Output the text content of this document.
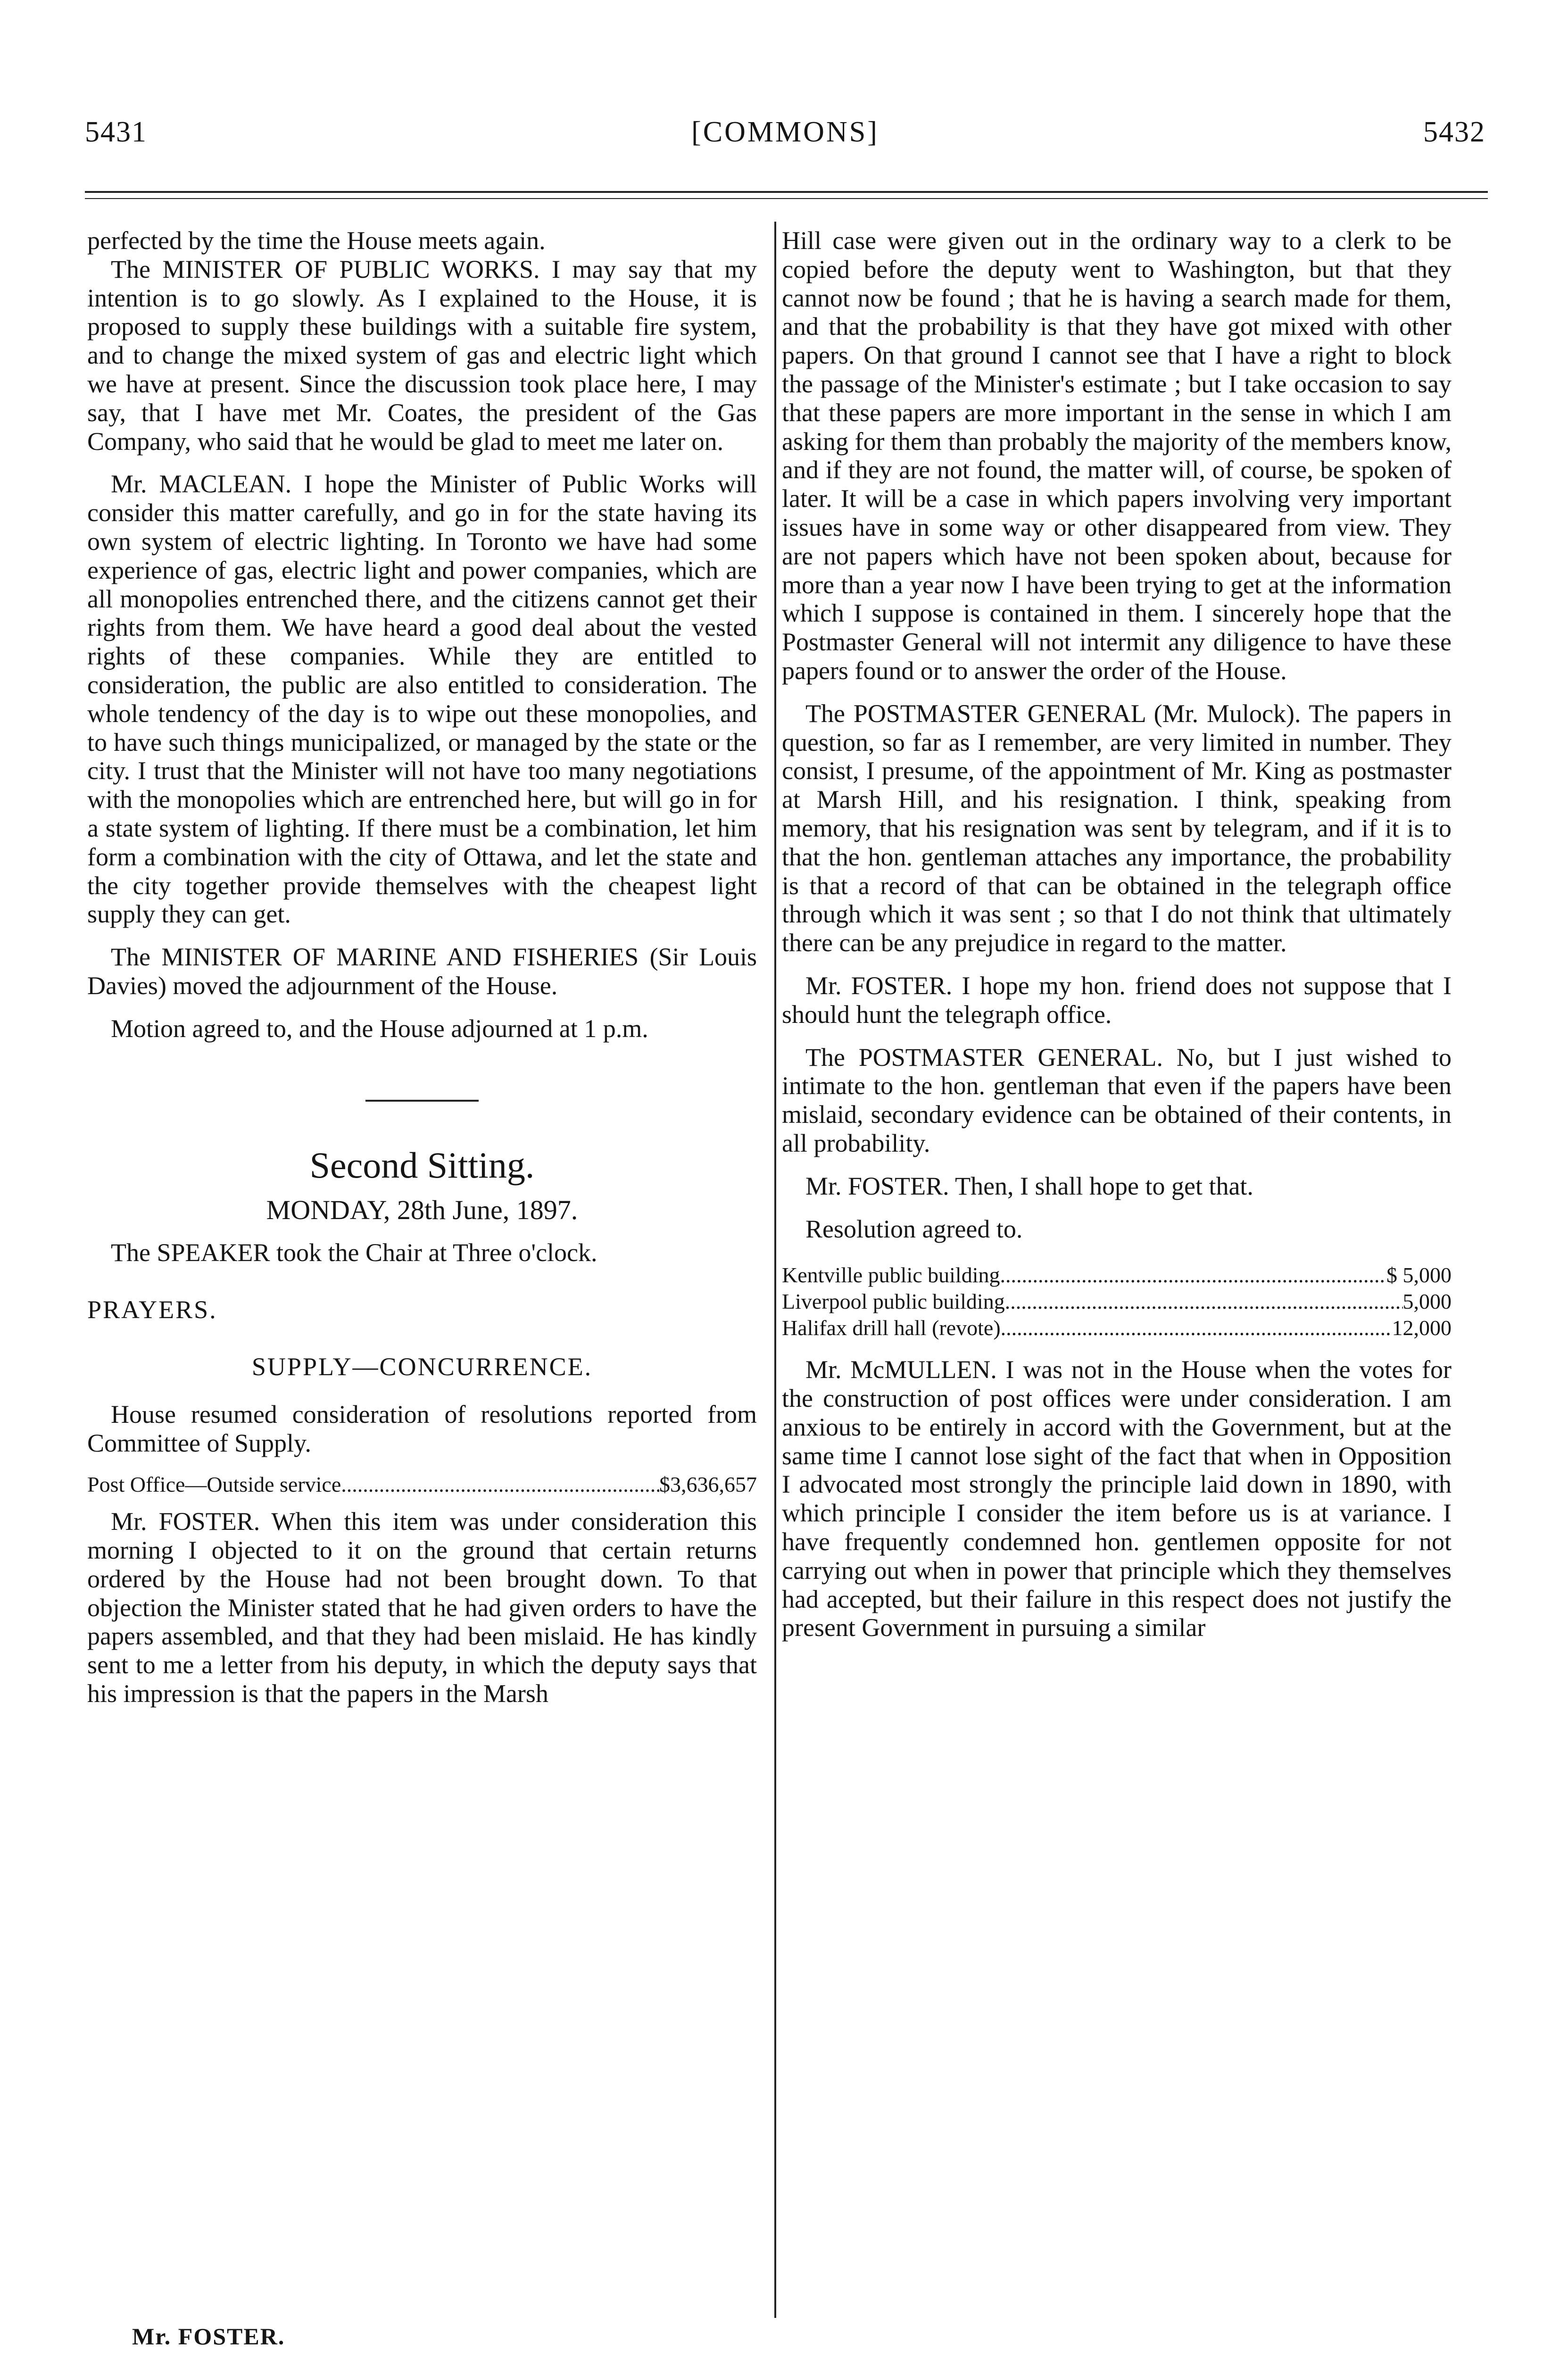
5431	[COMMONS]	5432

perfected by the time the House meets again.

The MINISTER OF PUBLIC WORKS. I may say that my intention is to go slowly. As I explained to the House, it is proposed to supply these buildings with a suitable fire system, and to change the mixed system of gas and electric light which we have at present. Since the discussion took place here, I may say, that I have met Mr. Coates, the president of the Gas Company, who said that he would be glad to meet me later on.

Mr. MACLEAN. I hope the Minister of Public Works will consider this matter carefully, and go in for the state having its own system of electric lighting. In Toronto we have had some experience of gas, electric light and power companies, which are all monopolies entrenched there, and the citizens cannot get their rights from them. We have heard a good deal about the vested rights of these companies. While they are entitled to consideration, the public are also entitled to consideration. The whole tendency of the day is to wipe out these monopolies, and to have such things municipalized, or managed by the state or the city. I trust that the Minister will not have too many negotiations with the monopolies which are entrenched here, but will go in for a state system of lighting. If there must be a combination, let him form a combination with the city of Ottawa, and let the state and the city together provide themselves with the cheapest light supply they can get.

The MINISTER OF MARINE AND FISHERIES (Sir Louis Davies) moved the adjournment of the House.

Motion agreed to, and the House adjourned at 1 p.m.

Second Sitting.
MONDAY, 28th June, 1897.

The SPEAKER took the Chair at Three o'clock.

PRAYERS.
SUPPLY—CONCURRENCE.

House resumed consideration of resolutions reported from Committee of Supply.

Post Office—Outside service .....	$3,636,657

Mr. FOSTER. When this item was under consideration this morning I objected to it on the ground that certain returns ordered by the House had not been brought down. To that objection the Minister stated that he had given orders to have the papers assembled, and that they had been mislaid. He has kindly sent to me a letter from his deputy, in which the deputy says that his impression is that the papers in the Marsh

Hill case were given out in the ordinary way to a clerk to be copied before the deputy went to Washington, but that they cannot now be found ; that he is having a search made for them, and that the probability is that they have got mixed with other papers. On that ground I cannot see that I have a right to block the passage of the Minister's estimate ; but I take occasion to say that these papers are more important in the sense in which I am asking for them than probably the majority of the members know, and if they are not found, the matter will, of course, be spoken of later. It will be a case in which papers involving very important issues have in some way or other disappeared from view. They are not papers which have not been spoken about, because for more than a year now I have been trying to get at the information which I suppose is contained in them. I sincerely hope that the Postmaster General will not intermit any diligence to have these papers found or to answer the order of the House.

The POSTMASTER GENERAL (Mr. Mulock). The papers in question, so far as I remember, are very limited in number. They consist, I presume, of the appointment of Mr. King as postmaster at Marsh Hill, and his resignation. I think, speaking from memory, that his resignation was sent by telegram, and if it is to that the hon. gentleman attaches any importance, the probability is that a record of that can be obtained in the telegraph office through which it was sent ; so that I do not think that ultimately there can be any prejudice in regard to the matter.

Mr. FOSTER. I hope my hon. friend does not suppose that I should hunt the telegraph office.

The POSTMASTER GENERAL. No, but I just wished to intimate to the hon. gentleman that even if the papers have been mislaid, secondary evidence can be obtained of their contents, in all probability.

Mr. FOSTER. Then, I shall hope to get that.

Resolution agreed to.

Kentville public building .....	$ 5,000
Liverpool public building .....	5,000
Halifax drill hall (revote) .....	12,000

Mr. McMULLEN. I was not in the House when the votes for the construction of post offices were under consideration. I am anxious to be entirely in accord with the Government, but at the same time I cannot lose sight of the fact that when in Opposition I advocated most strongly the principle laid down in 1890, with which principle I consider the item before us is at variance. I have frequently condemned hon. gentlemen opposite for not carrying out when in power that principle which they themselves had accepted, but their failure in this respect does not justify the present Government in pursuing a similar

Mr. FOSTER.
